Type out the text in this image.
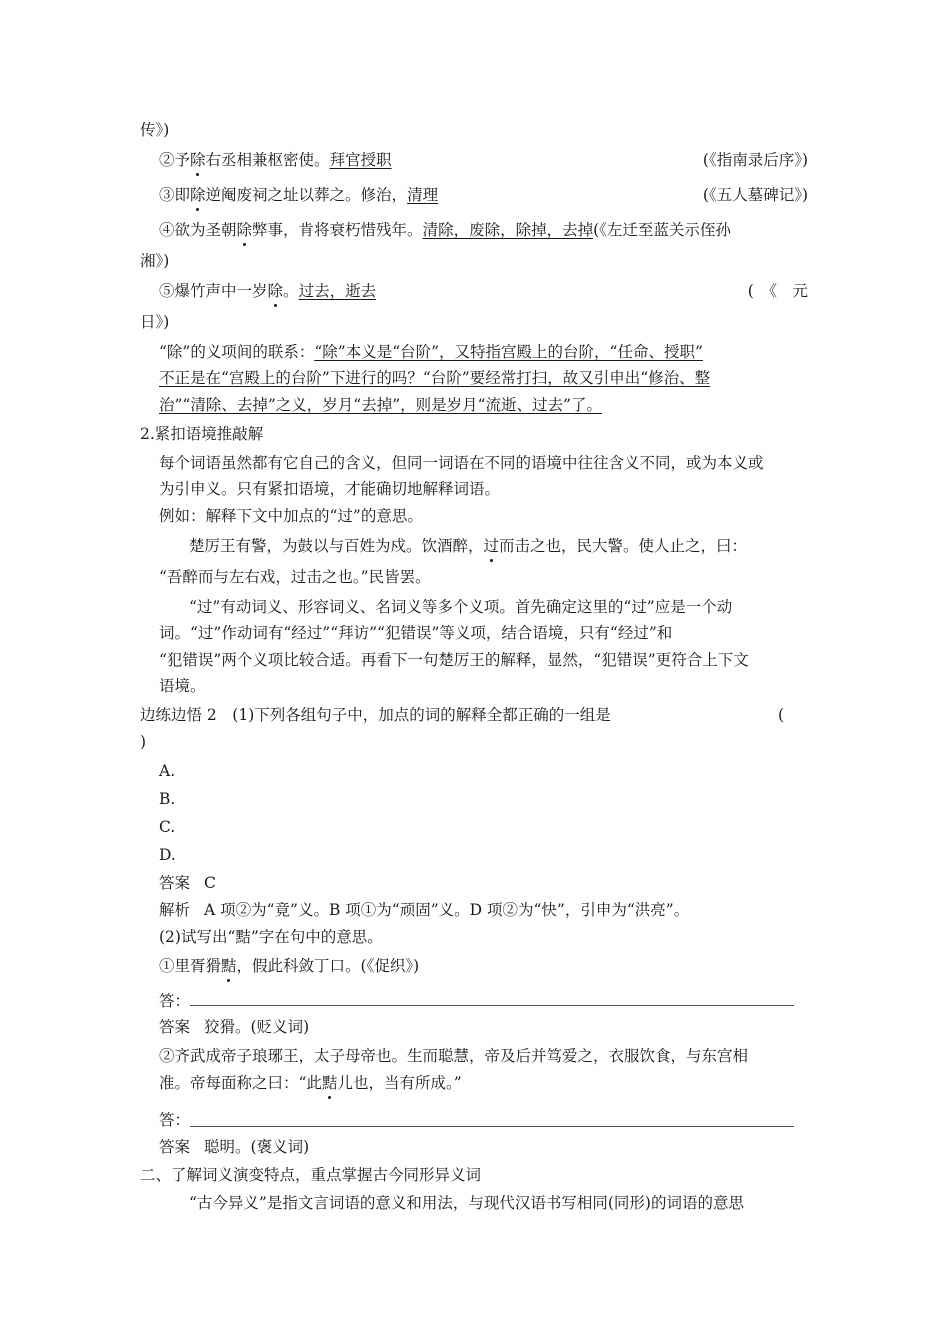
传》)
②予除右丞相兼枢密使。拜官授职	(《指南录后序》)
③即除逆阉废祠之址以葬之。修治，清理	(《五人墓碑记》)
④欲为圣朝除弊事，肯将衰朽惜残年。清除，废除，除掉，去掉(《左迁至蓝关示侄孙
湘》)
⑤爆竹声中一岁除。过去，逝去	(　《　元
日》)
“除”的义项间的联系：“除”本义是“台阶”，又特指宫殿上的台阶，“任命、授职”
不正是在“宫殿上的台阶”下进行的吗？“台阶”要经常打扫，故又引申出“修治、整
治”“清除、去掉”之义，岁月“去掉”，则是岁月“流逝、过去”了。
2.紧扣语境推敲解
每个词语虽然都有它自己的含义，但同一词语在不同的语境中往往含义不同，或为本义或
为引申义。只有紧扣语境，才能确切地解释词语。
例如：解释下文中加点的“过”的意思。
楚厉王有警，为鼓以与百姓为戍。饮酒醉，过而击之也，民大警。使人止之，曰：
“吾醉而与左右戏，过击之也。”民皆罢。
“过”有动词义、形容词义、名词义等多个义项。首先确定这里的“过”应是一个动
词。“过”作动词有“经过”“拜访”“犯错误”等义项，结合语境，只有“经过”和
“犯错误”两个义项比较合适。再看下一句楚厉王的解释，显然，“犯错误”更符合上下文
语境。
边练边悟 2　(1)下列各组句子中，加点的词的解释全都正确的一组是	(
)
A.
B.
C.
D.
答案 C
解析 A 项②为“竟”义。B 项①为“顽固”义。D 项②为“快”，引申为“洪亮”。
(2)试写出“黠”字在句中的意思。
①里胥猾黠，假此科敛丁口。(《促织》)
答：
答案 狡猾。(贬义词)
②齐武成帝子琅琊王，太子母帝也。生而聪慧，帝及后并笃爱之，衣服饮食，与东宫相
准。帝每面称之曰：“此黠儿也，当有所成。”
答：
答案 聪明。(褒义词)
二、了解词义演变特点，重点掌握古今同形异义词
“古今异义”是指文言词语的意义和用法，与现代汉语书写相同(同形)的词语的意思
